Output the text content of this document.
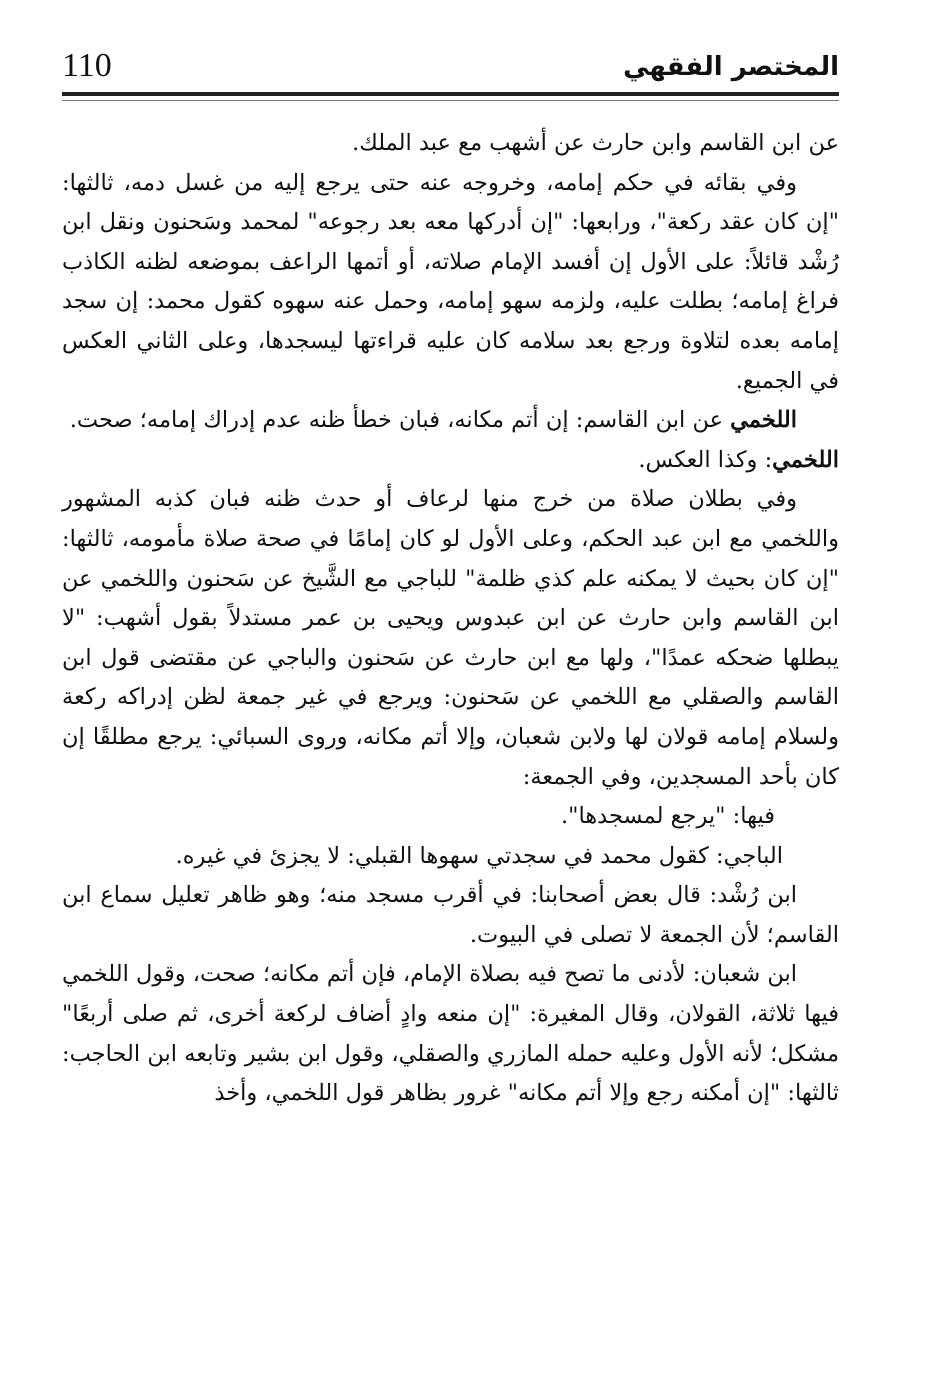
110	المختصر الفقهي

عن ابن القاسم وابن حارث عن أشهب مع عبد الملك.

وفي بقائه في حكم إمامه، وخروجه عنه حتى يرجع إليه من غسل دمه، ثالثها: "إن كان عقد ركعة"، ورابعها: "إن أدركها معه بعد رجوعه" لمحمد وسَحنون ونقل ابن رُشْد قائلاً: على الأول إن أفسد الإمام صلاته، أو أتمها الراعف بموضعه لظنه الكاذب فراغ إمامه؛ بطلت عليه، ولزمه سهو إمامه، وحمل عنه سهوه كقول محمد: إن سجد إمامه بعده لتلاوة ورجع بعد سلامه كان عليه قراءتها ليسجدها، وعلى الثاني العكس في الجميع.

اللخمي عن ابن القاسم: إن أتم مكانه، فبان خطأ ظنه عدم إدراك إمامه؛ صحت.

اللخمي: وكذا العكس.

وفي بطلان صلاة من خرج منها لرعاف أو حدث ظنه فبان كذبه المشهور واللخمي مع ابن عبد الحكم، وعلى الأول لو كان إمامًا في صحة صلاة مأمومه، ثالثها: "إن كان بحيث لا يمكنه علم كذي ظلمة" للباجي مع الشَّيخ عن سَحنون واللخمي عن ابن القاسم وابن حارث عن ابن عبدوس ويحيى بن عمر مستدلاً بقول أشهب: "لا يبطلها ضحكه عمدًا"، ولها مع ابن حارث عن سَحنون والباجي عن مقتضى قول ابن القاسم والصقلي مع اللخمي عن سَحنون: ويرجع في غير جمعة لظن إدراكه ركعة ولسلام إمامه قولان لها ولابن شعبان، وإلا أتم مكانه، وروى السبائي: يرجع مطلقًا إن كان بأحد المسجدين، وفي الجمعة:

فيها: "يرجع لمسجدها".

الباجي: كقول محمد في سجدتي سهوها القبلي: لا يجزئ في غيره.

ابن رُشْد: قال بعض أصحابنا: في أقرب مسجد منه؛ وهو ظاهر تعليل سماع ابن القاسم؛ لأن الجمعة لا تصلى في البيوت.

ابن شعبان: لأدنى ما تصح فيه بصلاة الإمام، فإن أتم مكانه؛ صحت، وقول اللخمي فيها ثلاثة، القولان، وقال المغيرة: "إن منعه وادٍ أضاف لركعة أخرى، ثم صلى أربعًا" مشكل؛ لأنه الأول وعليه حمله المازري والصقلي، وقول ابن بشير وتابعه ابن الحاجب: ثالثها: "إن أمكنه رجع وإلا أتم مكانه" غرور بظاهر قول اللخمي، وأخذ
